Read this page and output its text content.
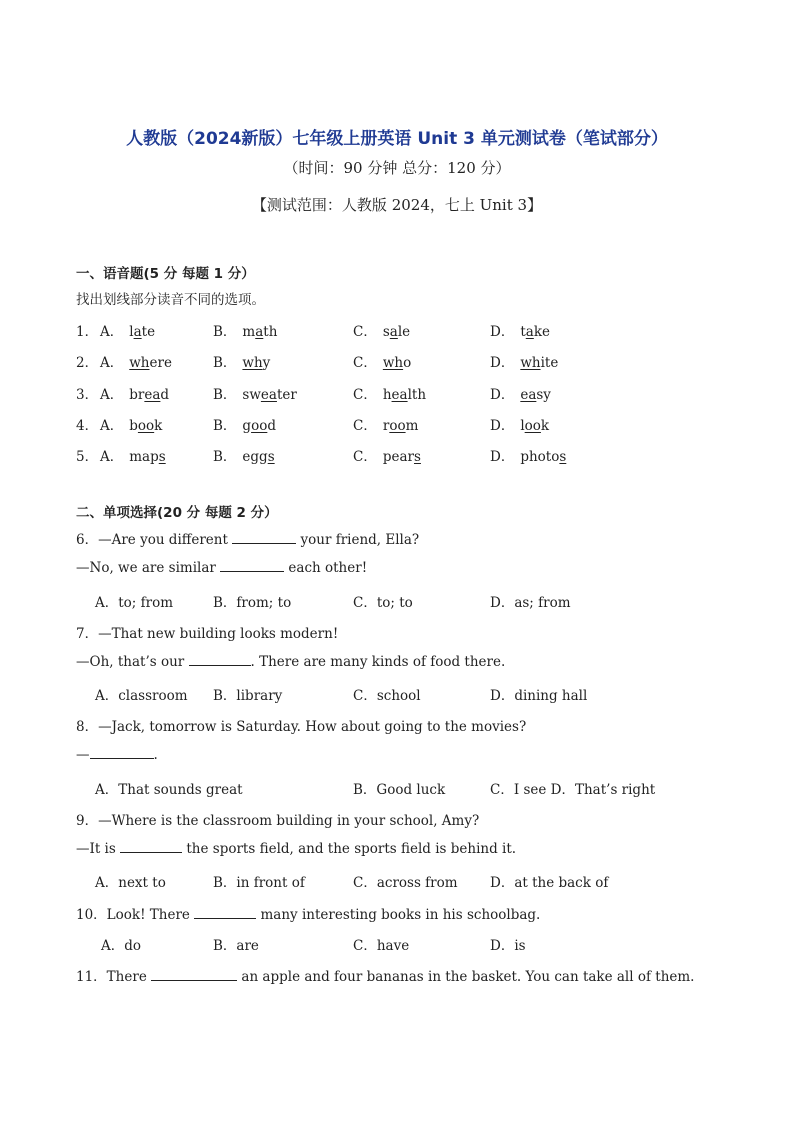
人教版（2024新版）七年级上册英语 Unit 3 单元测试卷（笔试部分）
（时间：90 分钟 总分：120 分）
【测试范围：人教版 2024，七上 Unit 3】
一、语音题(5 分 每题 1 分）
找出划线部分读音不同的选项。
1． A． late	B． math	C． sale	D． take
2． A． where	B． why	C． who	D． white
3． A． bread	B． sweater	C． health	D． easy
4． A． book	B． good	C． room	D． look
5． A． maps	B． eggs	C． pears	D． photos
二、单项选择(20 分 每题 2 分）
6．—Are you different	your friend, Ella?
—No, we are similar	each other!
A．to; from	B．from; to	C．to; to	D．as; from
7．—That new building looks modern!
—Oh, that’s our	. There are many kinds of food there.
A．classroom B．library	C．school	D．dining hall
8．—Jack, tomorrow is Saturday. How about going to the movies?
—	.
A．That sounds great	B．Good luck	C．I see D．That’s right
9．—Where is the classroom building in your school, Amy?
—It is	the sports field, and the sports field is behind it.
A．next to	B．in front of	C．across from D．at the back of
10．Look! There	many interesting books in his schoolbag.
A．do	B．are	C．have	D．is
11．There	an apple and four bananas in the basket. You can take all of them.
